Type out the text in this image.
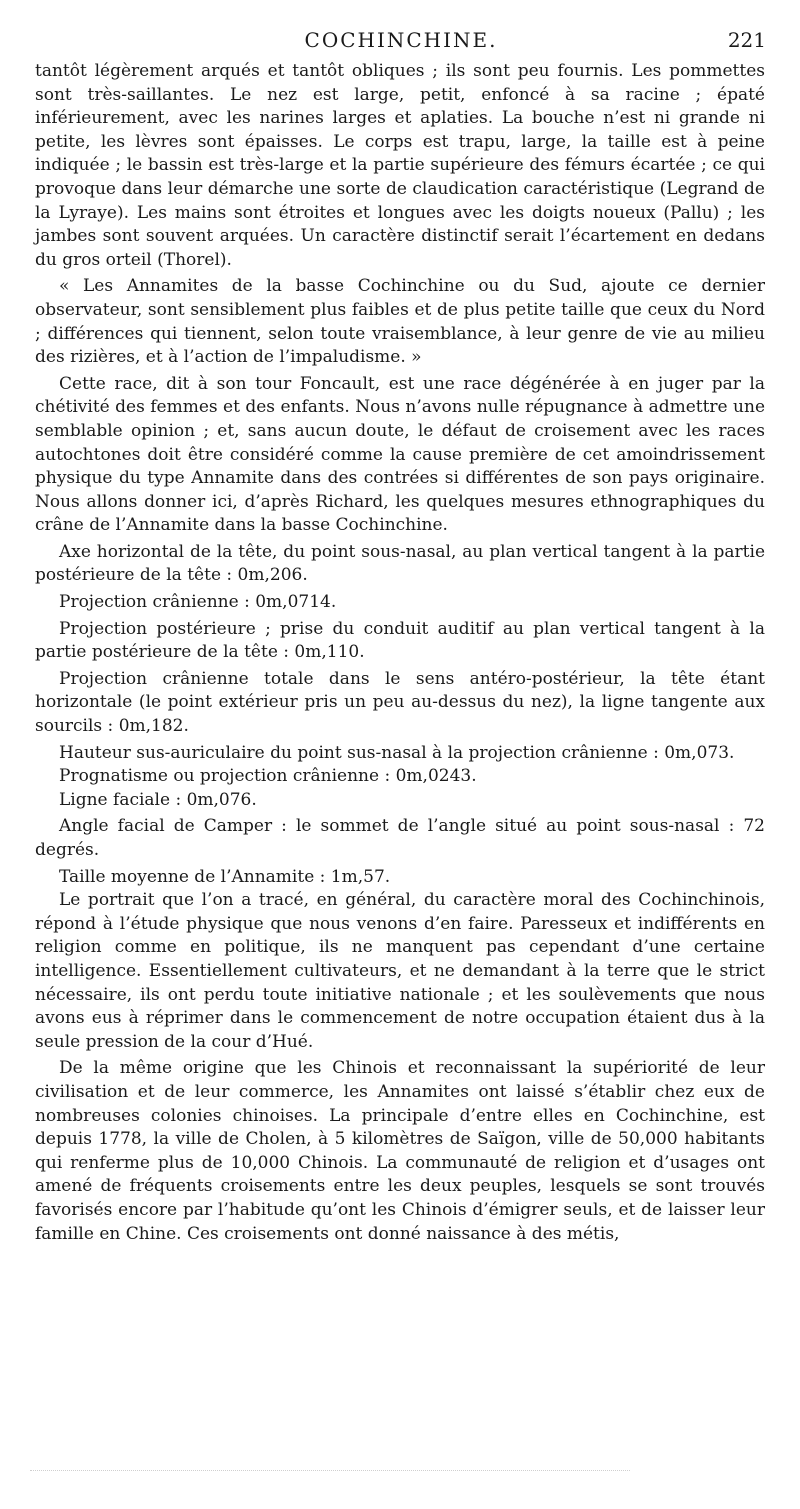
COCHINCHINE.	221

tantôt légèrement arqués et tantôt obliques ; ils sont peu fournis. Les pommettes sont très-saillantes. Le nez est large, petit, enfoncé à sa racine ; épaté inférieurement, avec les narines larges et aplaties. La bouche n’est ni grande ni petite, les lèvres sont épaisses. Le corps est trapu, large, la taille est à peine indiquée ; le bassin est très-large et la partie supérieure des fémurs écartée ; ce qui provoque dans leur démarche une sorte de claudication caractéristique (Legrand de la Lyraye). Les mains sont étroites et longues avec les doigts noueux (Pallu) ; les jambes sont souvent arquées. Un caractère distinctif serait l’écartement en dedans du gros orteil (Thorel).

« Les Annamites de la basse Cochinchine ou du Sud, ajoute ce dernier observateur, sont sensiblement plus faibles et de plus petite taille que ceux du Nord ; différences qui tiennent, selon toute vraisemblance, à leur genre de vie au milieu des rizières, et à l’action de l’impaludisme. »

Cette race, dit à son tour Foncault, est une race dégénérée à en juger par la chétivité des femmes et des enfants. Nous n’avons nulle répugnance à admettre une semblable opinion ; et, sans aucun doute, le défaut de croisement avec les races autochtones doit être considéré comme la cause première de cet amoindrissement physique du type Annamite dans des contrées si différentes de son pays originaire. Nous allons donner ici, d’après Richard, les quelques mesures ethnographiques du crâne de l’Annamite dans la basse Cochinchine.

Axe horizontal de la tête, du point sous-nasal, au plan vertical tangent à la partie postérieure de la tête : 0m,206.

Projection crânienne : 0m,0714.

Projection postérieure ; prise du conduit auditif au plan vertical tangent à la partie postérieure de la tête : 0m,110.

Projection crânienne totale dans le sens antéro-postérieur, la tête étant horizontale (le point extérieur pris un peu au-dessus du nez), la ligne tangente aux sourcils : 0m,182.

Hauteur sus-auriculaire du point sus-nasal à la projection crânienne : 0m,073.

Prognatisme ou projection crânienne : 0m,0243.

Ligne faciale : 0m,076.

Angle facial de Camper : le sommet de l’angle situé au point sous-nasal : 72 degrés.

Taille moyenne de l’Annamite : 1m,57.

Le portrait que l’on a tracé, en général, du caractère moral des Cochinchinois, répond à l’étude physique que nous venons d’en faire. Paresseux et indifférents en religion comme en politique, ils ne manquent pas cependant d’une certaine intelligence. Essentiellement cultivateurs, et ne demandant à la terre que le strict nécessaire, ils ont perdu toute initiative nationale ; et les soulèvements que nous avons eus à réprimer dans le commencement de notre occupation étaient dus à la seule pression de la cour d’Hué.

De la même origine que les Chinois et reconnaissant la supériorité de leur civilisation et de leur commerce, les Annamites ont laissé s’établir chez eux de nombreuses colonies chinoises. La principale d’entre elles en Cochinchine, est depuis 1778, la ville de Cholen, à 5 kilomètres de Saïgon, ville de 50,000 habitants qui renferme plus de 10,000 Chinois. La communauté de religion et d’usages ont amené de fréquents croisements entre les deux peuples, lesquels se sont trouvés favorisés encore par l’habitude qu’ont les Chinois d’émigrer seuls, et de laisser leur famille en Chine. Ces croisements ont donné naissance à des métis,
